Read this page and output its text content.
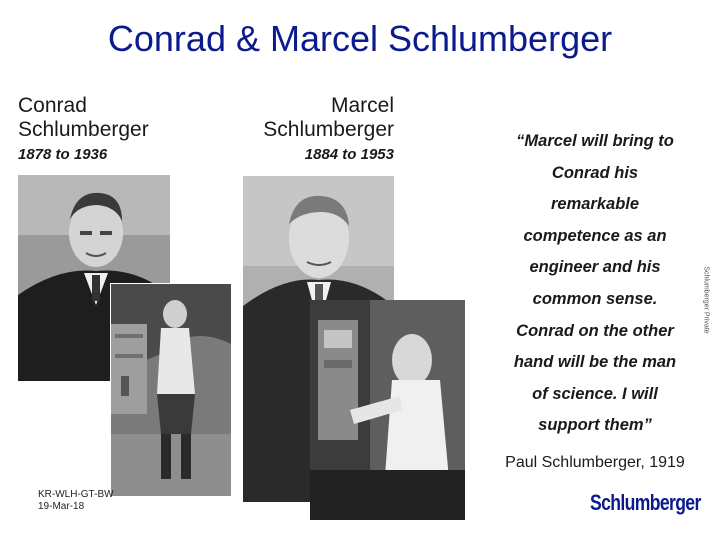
Conrad & Marcel Schlumberger
Conrad
Schlumberger
1878 to 1936
Marcel
Schlumberger
1884 to 1953
“Marcel will bring to
Conrad his
remarkable
competence as an
engineer and his
common sense.
Conrad on the other
hand will be the man
of science. I will
support them”
Paul Schlumberger, 1919
Schlumberger Private
KR-WLH-GT-BW
19-Mar-18	Schlumberger
